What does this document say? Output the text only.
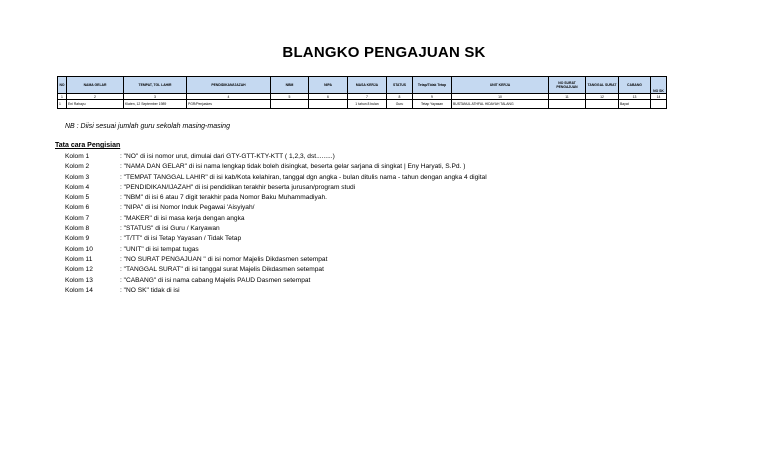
BLANGKO PENGAJUAN SK
NO	NAMA GELAR	TEMPAT, TGL LAHIR	PENDIDIKAN/IJAZAH	NBM	NIPA	MASA KERJA	STATUS	Tetap/Tidak Tetap	UNIT KERJA	NO SURAT PENGAJUAN	TANGGAL SURAT	CABANG	NO SK
1	2	3	4	5	6	7	8	9	10	11	12	13	14
1	Eni Rahayu	Klaten, 12 September 1989	PGR/Penjaskes			1 tahun 8 bulan	Guru	Tetap Yayasan	BUSTANUL ATHFAL HIDAYAH TALANG			Bayat	
NB : Diisi sesuai jumlah guru sekolah masing-masing
Tata cara Pengisian
Kolom 1	: "NO" di isi nomor urut, dimulai dari GTY-GTT-KTY-KTT ( 1,2,3, dst.........)
Kolom 2	: "NAMA DAN GELAR" di isi nama lengkap tidak boleh disingkat, beserta gelar sarjana di singkat | Eny Haryati, S.Pd. )
Kolom 3	: "TEMPAT TANGGAL LAHIR" di isi kab/Kota kelahiran, tanggal dgn angka - bulan ditulis nama - tahun dengan angka 4 digital
Kolom 4	: "PENDIDIKAN/IJAZAH" di isi pendidikan terakhir beserta jurusan/program studi
Kolom 5	: "NBM" di isi 6 atau 7 digit terakhir pada Nomor Baku Muhammadiyah.
Kolom 6	: "NIPA" di isi Nomor Induk Pegawai 'Aisyiyah/
Kolom 7	: "MAKER" di isi masa kerja dengan angka
Kolom 8	: "STATUS" di isi Guru / Karyawan
Kolom 9	: "T/TT" di isi Tetap Yayasan / Tidak Tetap
Kolom 10	: "UNIT" di isi tempat tugas
Kolom 11	: "NO SURAT PENGAJUAN " di isi nomor Majelis Dikdasmen setempat
Kolom 12	: "TANGGAL SURAT" di isi tanggal surat Majelis Dikdasmen setempat
Kolom 13	: "CABANG" di isi nama cabang Majelis PAUD Dasmen setempat
Kolom 14	: "NO SK" tidak di isi
